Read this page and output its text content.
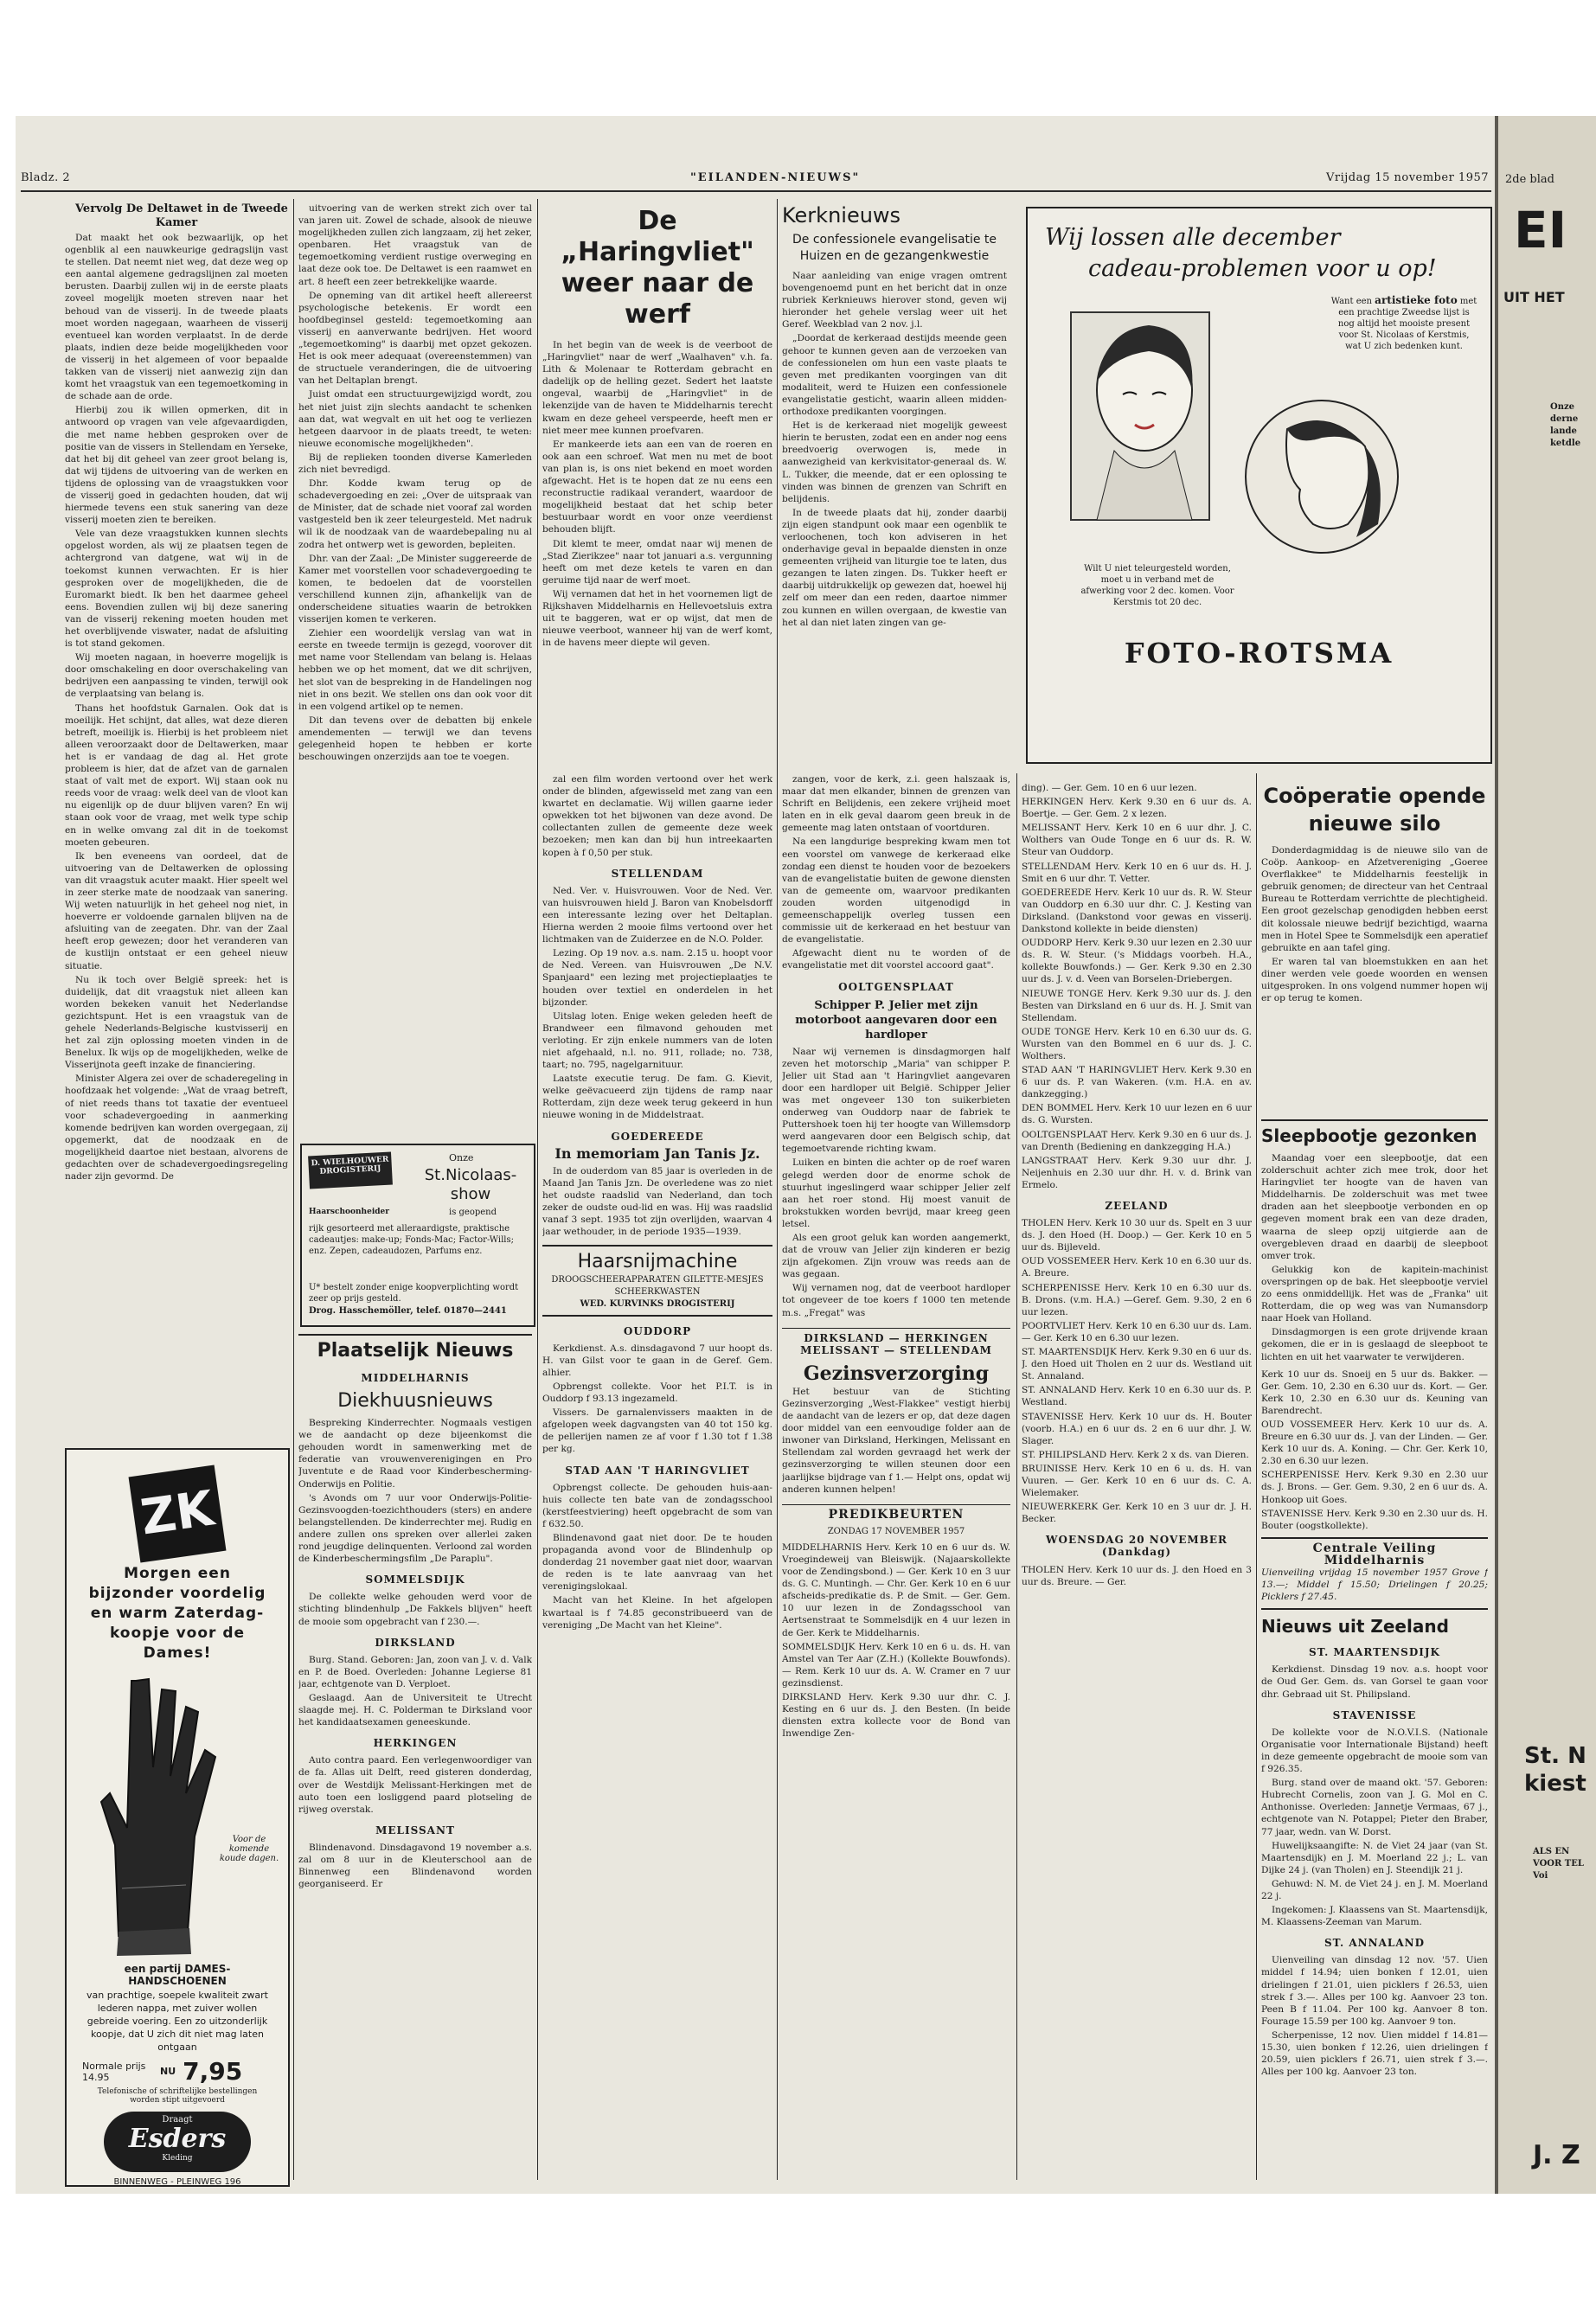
Bladz. 2	"EILANDEN-NIEUWS"	Vrijdag 15 november 1957

Vervolg De Deltawet in de Tweede Kamer

Dat maakt het ook bezwaarlijk, op het ogenblik al een nauwkeurige gedragslijn vast te stellen. Dat neemt niet weg, dat deze weg op een aantal algemene gedragslijnen zal moeten berusten. Daarbij zullen wij in de eerste plaats zoveel mogelijk moeten streven naar het behoud van de visserij. In de tweede plaats moet worden nagegaan, waarheen de visserij eventueel kan worden verplaatst. In de derde plaats, indien deze beide mogelijkheden voor de visserij in het algemeen of voor bepaalde takken van de visserij niet aanwezig zijn dan komt het vraagstuk van een tegemoetkoming in de schade aan de orde.

Hierbij zou ik willen opmerken, dit in antwoord op vragen van vele afgevaardigden, die met name hebben gesproken over de positie van de vissers in Stellendam en Yerseke, dat het bij dit geheel van zeer groot belang is, dat wij tijdens de uitvoering van de werken en tijdens de oplossing van de vraagstukken voor de visserij goed in gedachten houden, dat wij hiermede tevens een stuk sanering van deze visserij moeten zien te bereiken.

Vele van deze vraagstukken kunnen slechts opgelost worden, als wij ze plaatsen tegen de achtergrond van datgene, wat wij in de toekomst kunnen verwachten. Er is hier gesproken over de mogelijkheden, die de Euromarkt biedt. Ik ben het daarmee geheel eens. Bovendien zullen wij bij deze sanering van de visserij rekening moeten houden met het overblijvende viswater, nadat de afsluiting is tot stand gekomen.

Wij moeten nagaan, in hoeverre mogelijk is door omschakeling en door overschakeling van bedrijven een aanpassing te vinden, terwijl ook de verplaatsing van belang is.

Thans het hoofdstuk Garnalen. Ook dat is moeilijk. Het schijnt, dat alles, wat deze dieren betreft, moeilijk is. Hierbij is het probleem niet alleen veroorzaakt door de Deltawerken, maar het is er vandaag de dag al. Het grote probleem is hier, dat de afzet van de garnalen staat of valt met de export. Wij staan ook nu reeds voor de vraag: welk deel van de vloot kan nu eigenlijk op de duur blijven varen? En wij staan ook voor de vraag, met welk type schip en in welke omvang zal dit in de toekomst moeten gebeuren.

Ik ben eveneens van oordeel, dat de uitvoering van de Deltawerken de oplossing van dit vraagstuk acuter maakt. Hier speelt wel in zeer sterke mate de noodzaak van sanering. Wij weten natuurlijk in het geheel nog niet, in hoeverre er voldoende garnalen blijven na de afsluiting van de zeegaten. Dhr. van der Zaal heeft erop gewezen; door het veranderen van de kustlijn ontstaat er een geheel nieuw situatie.

Nu ik toch over België spreek: het is duidelijk, dat dit vraagstuk niet alleen kan worden bekeken vanuit het Nederlandse gezichtspunt. Het is een vraagstuk van de gehele Nederlands-Belgische kustvisserij en het zal zijn oplossing moeten vinden in de Benelux. Ik wijs op de mogelijkheden, welke de Visserijnota geeft inzake de financiering.

Minister Algera zei over de schaderegeling in hoofdzaak het volgende: „Wat de vraag betreft, of niet reeds thans tot taxatie der eventueel voor schadevergoeding in aanmerking komende bedrijven kan worden overgegaan, zij opgemerkt, dat de noodzaak en de mogelijkheid daartoe niet bestaan, alvorens de gedachten over de schadevergoedingsregeling nader zijn gevormd. De

ZK
Morgen een bijzonder voordelig en warm Zaterdag-koopje voor de Dames!
Voor de komende koude dagen.
een partij DAMES-HANDSCHOENEN
van prachtige, soepele kwaliteit zwart lederen nappa, met zuiver wollen gebreide voering. Een zo uitzonderlijk koopje, dat U zich dit niet mag laten ontgaan
Normale prijs 14.95	NU 7,95
Telefonische of schriftelijke bestellingen worden stipt uitgevoerd
Draagt
Esders
Kleding
BINNENWEG - PLEINWEG 196

uitvoering van de werken strekt zich over tal van jaren uit. Zowel de schade, alsook de nieuwe mogelijkheden zullen zich langzaam, zij het zeker, openbaren. Het vraagstuk van de tegemoetkoming verdient rustige overweging en laat deze ook toe. De Deltawet is een raamwet en art. 8 heeft een zeer betrekkelijke waarde.

De opneming van dit artikel heeft allereerst psychologische betekenis. Er wordt een hoofdbeginsel gesteld: tegemoetkoming aan visserij en aanverwante bedrijven. Het woord „tegemoetkoming" is daarbij met opzet gekozen. Het is ook meer adequaat (overeenstemmen) van de structuele veranderingen, die de uitvoering van het Deltaplan brengt.

Juist omdat een structuurgewijzigd wordt, zou het niet juist zijn slechts aandacht te schenken aan dat, wat wegvalt en uit het oog te verliezen hetgeen daarvoor in de plaats treedt, te weten: nieuwe economische mogelijkheden".

Bij de replieken toonden diverse Kamerleden zich niet bevredigd.

Dhr. Kodde kwam terug op de schadevergoeding en zei: „Over de uitspraak van de Minister, dat de schade niet vooraf zal worden vastgesteld ben ik zeer teleurgesteld. Met nadruk wil ik de noodzaak van de waardebepaling nu al zodra het ontwerp wet is geworden, bepleiten.

Dhr. van der Zaal: „De Minister suggereerde de Kamer met voorstellen voor schadevergoeding te komen, te bedoelen dat de voorstellen verschillend kunnen zijn, afhankelijk van de onderscheidene situaties waarin de betrokken visserijen komen te verkeren.

Ziehier een woordelijk verslag van wat in eerste en tweede termijn is gezegd, voorover dit met name voor Stellendam van belang is. Helaas hebben we op het moment, dat we dit schrijven, het slot van de bespreking in de Handelingen nog niet in ons bezit. We stellen ons dan ook voor dit in een volgend artikel op te nemen.

Dit dan tevens over de debatten bij enkele amendementen — terwijl we dan tevens gelegenheid hopen te hebben er korte beschouwingen onzerzijds aan toe te voegen.

D. WIELHOUWER DROGISTERIJ
Onze
St.Nicolaas-show
Haarschoonheider	is geopend
rijk gesorteerd met alleraardigste, praktische cadeautjes: make-up; Fonds-Mac; Factor-Wills; enz. Zepen, cadeaudozen, Parfums enz.
U* bestelt zonder enige koopverplichting wordt zeer op prijs gesteld.
Drog. Hasschemöller, telef. 01870—2441
Plaatselijk Nieuws
MIDDELHARNIS
Diekhuusnieuws

Bespreking Kinderrechter. Nogmaals vestigen we de aandacht op deze bijeenkomst die gehouden wordt in samenwerking met de federatie van vrouwenverenigingen en Pro Juventute e de Raad voor Kinderbescherming-Onderwijs en Politie.

's Avonds om 7 uur voor Onderwijs-Politie-Gezinsvoogden-toezichthouders (sters) en andere belangstellenden. De kinderrechter mej. Rudig en andere zullen ons spreken over allerlei zaken rond jeugdige delinquenten. Verloond zal worden de Kinderbeschermingsfilm „De Paraplu".

SOMMELSDIJK

De collekte welke gehouden werd voor de stichting blindenhulp „De Fakkels blijven" heeft de mooie som opgebracht van f 230.—.

DIRKSLAND

Burg. Stand. Geboren: Jan, zoon van J. v. d. Valk en P. de Boed. Overleden: Johanne Legierse 81 jaar, echtgenote van D. Verploet.

Geslaagd. Aan de Universiteit te Utrecht slaagde mej. H. C. Polderman te Dirksland voor het kandidaatsexamen geneeskunde.

HERKINGEN

Auto contra paard. Een verlegenwoordiger van de fa. Allas uit Delft, reed gisteren donderdag, over de Westdijk Melissant-Herkingen met de auto toen een losliggend paard plotseling de rijweg overstak.

MELISSANT

Blindenavond. Dinsdagavond 19 november a.s. zal om 8 uur in de Kleuterschool aan de Binnenweg een Blindenavond worden georganiseerd. Er

De „Haringvliet" weer naar de werf

In het begin van de week is de veerboot de „Haringvliet" naar de werf „Waalhaven" v.h. fa. Lith & Molenaar te Rotterdam gebracht en dadelijk op de helling gezet. Sedert het laatste ongeval, waarbij de „Haringvliet" in de lekenzijde van de haven te Middelharnis terecht kwam en deze geheel verspeerde, heeft men er niet meer mee kunnen proefvaren.

Er mankeerde iets aan een van de roeren en ook aan een schroef. Wat men nu met de boot van plan is, is ons niet bekend en moet worden afgewacht. Het is te hopen dat ze nu eens een reconstructie radikaal verandert, waardoor de mogelijkheid bestaat dat het schip beter bestuurbaar wordt en voor onze veerdienst behouden blijft.

Dit klemt te meer, omdat naar wij menen de „Stad Zierikzee" naar tot januari a.s. vergunning heeft om met deze ketels te varen en dan geruime tijd naar de werf moet.

Wij vernamen dat het in het voornemen ligt de Rijkshaven Middelharnis en Hellevoetsluis extra uit te baggeren, wat er op wijst, dat men de nieuwe veerboot, wanneer hij van de werf komt, in de havens meer diepte wil geven.

zal een film worden vertoond over het werk onder de blinden, afgewisseld met zang van een kwartet en declamatie. Wij willen gaarne ieder opwekken tot het bijwonen van deze avond. De collectanten zullen de gemeente deze week bezoeken; men kan dan bij hun intreekaarten kopen à f 0,50 per stuk.

STELLENDAM

Ned. Ver. v. Huisvrouwen. Voor de Ned. Ver. van huisvrouwen hield J. Baron van Knobelsdorff een interessante lezing over het Deltaplan. Hierna werden 2 mooie films vertoond over het lichtmaken van de Zuiderzee en de N.O. Polder.

Lezing. Op 19 nov. a.s. nam. 2.15 u. hoopt voor de Ned. Vereen. van Huisvrouwen „De N.V. Spanjaard" een lezing met projectieplaatjes te houden over textiel en onderdelen in het bijzonder.

Uitslag loten. Enige weken geleden heeft de Brandweer een filmavond gehouden met verloting. Er zijn enkele nummers van de loten niet afgehaald, n.l. no. 911, rollade; no. 738, taart; no. 795, nagelgarnituur.

Laatste executie terug. De fam. G. Kievit, welke geëvacueerd zijn tijdens de ramp naar Rotterdam, zijn deze week terug gekeerd in hun nieuwe woning in de Middelstraat.

GOEDEREEDE
In memoriam Jan Tanis Jz.

In de ouderdom van 85 jaar is overleden in de Maand Jan Tanis Jzn. De overledene was zo niet het oudste raadslid van Nederland, dan toch zeker de oudste oud-lid en was. Hij was raadslid vanaf 3 sept. 1935 tot zijn overlijden, waarvan 4 jaar wethouder, in de periode 1935—1939.

Haarsnijmachine
DROOGSCHEERAPPARATEN GILETTE-MESJES SCHEERKWASTEN
WED. KURVINKS DROGISTERIJ
OUDDORP

Kerkdienst. A.s. dinsdagavond 7 uur hoopt ds. H. van Gilst voor te gaan in de Geref. Gem. alhier.

Opbrengst collekte. Voor het P.I.T. is in Ouddorp f 93.13 ingezameld.

Vissers. De garnalenvissers maakten in de afgelopen week dagvangsten van 40 tot 150 kg. de pellerijen namen ze af voor f 1.30 tot f 1.38 per kg.

STAD AAN 'T HARINGVLIET

Opbrengst collecte. De gehouden huis-aan-huis collecte ten bate van de zondagsschool (kerstfeestviering) heeft opgebracht de som van f 632.50.

Blindenavond gaat niet door. De te houden propaganda avond voor de Blindenhulp op donderdag 21 november gaat niet door, waarvan de reden is te late aanvraag van het verenigingslokaal.

Macht van het Kleine. In het afgelopen kwartaal is f 74.85 geconstribueerd van de vereniging „De Macht van het Kleine".

Kerknieuws
De confessionele evangelisatie te Huizen en de gezangenkwestie

Naar aanleiding van enige vragen omtrent bovengenoemd punt en het bericht dat in onze rubriek Kerknieuws hierover stond, geven wij hieronder het gehele verslag weer uit het Geref. Weekblad van 2 nov. j.l.

„Doordat de kerkeraad destijds meende geen gehoor te kunnen geven aan de verzoeken van de confessionelen om hun een vaste plaats te geven met predikanten voorgingen van dit modaliteit, werd te Huizen een confessionele evangelistatie gesticht, waarin alleen midden-orthodoxe predikanten voorgingen.

Het is de kerkeraad niet mogelijk geweest hierin te berusten, zodat een en ander nog eens breedvoerig overwogen is, mede in aanwezigheid van kerkvisitator-generaal ds. W. L. Tukker, die meende, dat er een oplossing te vinden was binnen de grenzen van Schrift en belijdenis.

In de tweede plaats dat hij, zonder daarbij zijn eigen standpunt ook maar een ogenblik te verloochenen, toch kon adviseren in het onderhavige geval in bepaalde diensten in onze gemeenten vrijheid van liturgie toe te laten, dus gezangen te laten zingen. Ds. Tukker heeft er daarbij uitdrukkelijk op gewezen dat, hoewel hij zelf om meer dan een reden, daartoe nimmer zou kunnen en willen overgaan, de kwestie van het al dan niet laten zingen van ge-

Wij lossen alle december
cadeau-problemen voor u op!
Want een artistieke foto met een prachtige Zweedse lijst is nog altijd het mooiste present voor St. Nicolaas of Kerstmis, wat U zich bedenken kunt.
Wilt U niet teleurgesteld worden, moet u in verband met de afwerking voor 2 dec. komen. Voor Kerstmis tot 20 dec.
FOTO-ROTSMA

zangen, voor de kerk, z.i. geen halszaak is, maar dat men elkander, binnen de grenzen van Schrift en Belijdenis, een zekere vrijheid moet laten en in elk geval daarom geen breuk in de gemeente mag laten ontstaan of voortduren.

Na een langdurige bespreking kwam men tot een voorstel om vanwege de kerkeraad elke zondag een dienst te houden voor de bezoekers van de evangelistatie buiten de gewone diensten van de gemeente om, waarvoor predikanten zouden worden uitgenodigd in gemeenschappelijk overleg tussen een commissie uit de kerkeraad en het bestuur van de evangelistatie.

Afgewacht dient nu te worden of de evangelistatie met dit voorstel accoord gaat".

OOLTGENSPLAAT
Schipper P. Jelier met zijn motorboot aangevaren door een hardloper

Naar wij vernemen is dinsdagmorgen half zeven het motorschip „Maria" van schipper P. Jelier uit Stad aan 't Haringvliet aangevaren door een hardloper uit België. Schipper Jelier was met ongeveer 130 ton suikerbieten onderweg van Ouddorp naar de fabriek te Puttershoek toen hij ter hoogte van Willemsdorp werd aangevaren door een Belgisch schip, dat tegemoetvarende richting kwam.

Luiken en binten die achter op de roef waren gelegd werden door de enorme schok de stuurhut ingeslingerd waar schipper Jelier zelf aan het roer stond. Hij moest vanuit de brokstukken worden bevrijd, maar kreeg geen letsel.

Als een groot geluk kan worden aangemerkt, dat de vrouw van Jelier zijn kinderen er bezig zijn afgekomen. Zijn vrouw was reeds aan de was gegaan.

Wij vernamen nog, dat de veerboot hardloper tot ongeveer de toe koers f 1000 ten metende m.s. „Fregat" was

DIRKSLAND — HERKINGEN MELISSANT — STELLENDAM
Gezinsverzorging

Het bestuur van de Stichting Gezinsverzorging „West-Flakkee" vestigt hierbij de aandacht van de lezers er op, dat deze dagen door middel van een eenvoudige folder aan de inwoner van Dirksland, Herkingen, Melissant en Stellendam zal worden gevraagd het werk der gezinsverzorging te willen steunen door een jaarlijkse bijdrage van f 1.— Helpt ons, opdat wij anderen kunnen helpen!

PREDIKBEURTEN
ZONDAG 17 NOVEMBER 1957

MIDDELHARNIS Herv. Kerk 10 en 6 uur ds. W. Vroegindeweij van Bleiswijk. (Najaarskollekte voor de Zendingsbond.) — Ger. Kerk 10 en 3 uur ds. G. C. Muntingh. — Chr. Ger. Kerk 10 en 6 uur afscheids-predikatie ds. P. de Smit. — Ger. Gem. 10 uur lezen in de Zondagsschool van Aertsenstraat te Sommelsdijk en 4 uur lezen in de Ger. Kerk te Middelharnis.

SOMMELSDIJK Herv. Kerk 10 en 6 u. ds. H. van Amstel van Ter Aar (Z.H.) (Kollekte Bouwfonds). — Rem. Kerk 10 uur ds. A. W. Cramer en 7 uur gezinsdienst.

DIRKSLAND Herv. Kerk 9.30 uur dhr. C. J. Kesting en 6 uur ds. J. den Besten. (In beide diensten extra kollecte voor de Bond van Inwendige Zen-

Coöperatie opende nieuwe silo

Donderdagmiddag is de nieuwe silo van de Coöp. Aankoop- en Afzetvereniging „Goeree Overflakkee" te Middelharnis feestelijk in gebruik genomen; de directeur van het Centraal Bureau te Rotterdam verrichtte de plechtigheid. Een groot gezelschap genodigden hebben eerst dit kolossale nieuwe bedrijf bezichtigd, waarna men in Hotel Spee te Sommelsdijk een aperatief gebruikte en aan tafel ging.

Er waren tal van bloemstukken en aan het diner werden vele goede woorden en wensen uitgesproken. In ons volgend nummer hopen wij er op terug te komen.

ding). — Ger. Gem. 10 en 6 uur lezen.

HERKINGEN Herv. Kerk 9.30 en 6 uur ds. A. Boertje. — Ger. Gem. 2 x lezen.

MELISSANT Herv. Kerk 10 en 6 uur dhr. J. C. Wolthers van Oude Tonge en 6 uur ds. R. W. Steur van Ouddorp.

STELLENDAM Herv. Kerk 10 en 6 uur ds. H. J. Smit en 6 uur dhr. T. Vetter.

GOEDEREEDE Herv. Kerk 10 uur ds. R. W. Steur van Ouddorp en 6.30 uur dhr. C. J. Kesting van Dirksland. (Dankstond voor gewas en visserij. Dankstond kollekte in beide diensten)

OUDDORP Herv. Kerk 9.30 uur lezen en 2.30 uur ds. R. W. Steur. ('s Middags voorbeh. H.A., kollekte Bouwfonds.) — Ger. Kerk 9.30 en 2.30 uur ds. J. v. d. Veen van Borselen-Driebergen.

NIEUWE TONGE Herv. Kerk 9.30 uur ds. J. den Besten van Dirksland en 6 uur ds. H. J. Smit van Stellendam.

OUDE TONGE Herv. Kerk 10 en 6.30 uur ds. G. Wursten van den Bommel en 6 uur ds. J. C. Wolthers.

STAD AAN 'T HARINGVLIET Herv. Kerk 9.30 en 6 uur ds. P. van Wakeren. (v.m. H.A. en av. dankzegging.)

DEN BOMMEL Herv. Kerk 10 uur lezen en 6 uur ds. G. Wursten.

OOLTGENSPLAAT Herv. Kerk 9.30 en 6 uur ds. J. van Drenth (Bediening en dankzegging H.A.)

LANGSTRAAT Herv. Kerk 9.30 uur dhr. J. Neijenhuis en 2.30 uur dhr. H. v. d. Brink van Ermelo.

ZEELAND

THOLEN Herv. Kerk 10 30 uur ds. Spelt en 3 uur ds. J. den Hoed (H. Doop.) — Ger. Kerk 10 en 5 uur ds. Bijleveld.

OUD VOSSEMEER Herv. Kerk 10 en 6.30 uur ds. A. Breure.

SCHERPENISSE Herv. Kerk 10 en 6.30 uur ds. B. Drons. (v.m. H.A.) —Geref. Gem. 9.30, 2 en 6 uur lezen.

POORTVLIET Herv. Kerk 10 en 6.30 uur ds. Lam. — Ger. Kerk 10 en 6.30 uur lezen.

ST. MAARTENSDIJK Herv. Kerk 9.30 en 6 uur ds. J. den Hoed uit Tholen en 2 uur ds. Westland uit St. Annaland.

ST. ANNALAND Herv. Kerk 10 en 6.30 uur ds. P. Westland.

STAVENISSE Herv. Kerk 10 uur ds. H. Bouter (voorb. H.A.) en 6 uur ds. 2 en 6 uur dhr. J. W. Slager.

ST. PHILIPSLAND Herv. Kerk 2 x ds. van Dieren.

BRUINISSE Herv. Kerk 10 en 6 u. ds. H. van Vuuren. — Ger. Kerk 10 en 6 uur ds. C. A. Wielemaker.

NIEUWERKERK Ger. Kerk 10 en 3 uur dr. J. H. Becker.

WOENSDAG 20 NOVEMBER (Dankdag)

THOLEN Herv. Kerk 10 uur ds. J. den Hoed en 3 uur ds. Breure. — Ger.

Sleepbootje gezonken

Maandag voer een sleepbootje, dat een zolderschuit achter zich mee trok, door het Haringvliet ter hoogte van de haven van Middelharnis. De zolderschuit was met twee draden aan het sleepbootje verbonden en op gegeven moment brak een van deze draden, waarna de sleep opzij uitgierde aan de overgebleven draad en daarbij de sleepboot omver trok.

Gelukkig kon de kapitein-machinist overspringen op de bak. Het sleepbootje verviel zo eens onmiddellijk. Het was de „Franka" uit Rotterdam, die op weg was van Numansdorp naar Hoek van Holland.

Dinsdagmorgen is een grote drijvende kraan gekomen, die er in is geslaagd de sleepboot te lichten en uit het vaarwater te verwijderen.

Kerk 10 uur ds. Snoeij en 5 uur ds. Bakker. — Ger. Gem. 10, 2.30 en 6.30 uur ds. Kort. — Ger. Kerk 10, 2.30 en 6.30 uur ds. Keuning van Barendrecht.

OUD VOSSEMEER Herv. Kerk 10 uur ds. A. Breure en 6.30 uur ds. J. van der Linden. — Ger. Kerk 10 uur ds. A. Koning. — Chr. Ger. Kerk 10, 2.30 en 6.30 uur lezen.

SCHERPENISSE Herv. Kerk 9.30 en 2.30 uur ds. J. Brons. — Ger. Gem. 9.30, 2 en 6 uur ds. A. Honkoop uit Goes.

STAVENISSE Herv. Kerk 9.30 en 2.30 uur ds. H. Bouter (oogstkollekte).

Centrale Veiling
Middelharnis

Uienveiling vrijdag 15 november 1957 Grove f 13.—; Middel f 15.50; Drielingen f 20.25; Picklers f 27.45.

Nieuws uit Zeeland
ST. MAARTENSDIJK

Kerkdienst. Dinsdag 19 nov. a.s. hoopt voor de Oud Ger. Gem. ds. van Gorsel te gaan voor dhr. Gebraad uit St. Philipsland.

STAVENISSE

De kollekte voor de N.O.V.I.S. (Nationale Organisatie voor Internationale Bijstand) heeft in deze gemeente opgebracht de mooie som van f 926.35.

Burg. stand over de maand okt. '57. Geboren: Hubrecht Cornelis, zoon van J. G. Mol en C. Anthonisse. Overleden: Jannetje Vermaas, 67 j., echtgenote van N. Potappel; Pieter den Braber, 77 jaar, wedn. van W. Dorst.

Huwelijksaangifte: N. de Viet 24 jaar (van St. Maartensdijk) en J. M. Moerland 22 j.; L. van Dijke 24 j. (van Tholen) en J. Steendijk 21 j.

Gehuwd: N. M. de Viet 24 j. en J. M. Moerland 22 j.

Ingekomen: J. Klaassens van St. Maartensdijk, M. Klaassens-Zeeman van Marum.

ST. ANNALAND

Uienveiling van dinsdag 12 nov. '57. Uien middel f 14.94; uien bonken f 12.01, uien drielingen f 21.01, uien picklers f 26.53, uien strek f 3.—. Alles per 100 kg. Aanvoer 23 ton. Peen B f 11.04. Per 100 kg. Aanvoer 8 ton. Fourage 15.59 per 100 kg. Aanvoer 9 ton.

Scherpenisse, 12 nov. Uien middel f 14.81—15.30, uien bonken f 12.26, uien drielingen f 20.59, uien picklers f 26.71, uien strek f 3.—. Alles per 100 kg. Aanvoer 23 ton.

2de blad
EI
UIT HET
Onze derne lande ketdle
St. N kiest
ALS EN VOOR TEL Voi
J. Z
